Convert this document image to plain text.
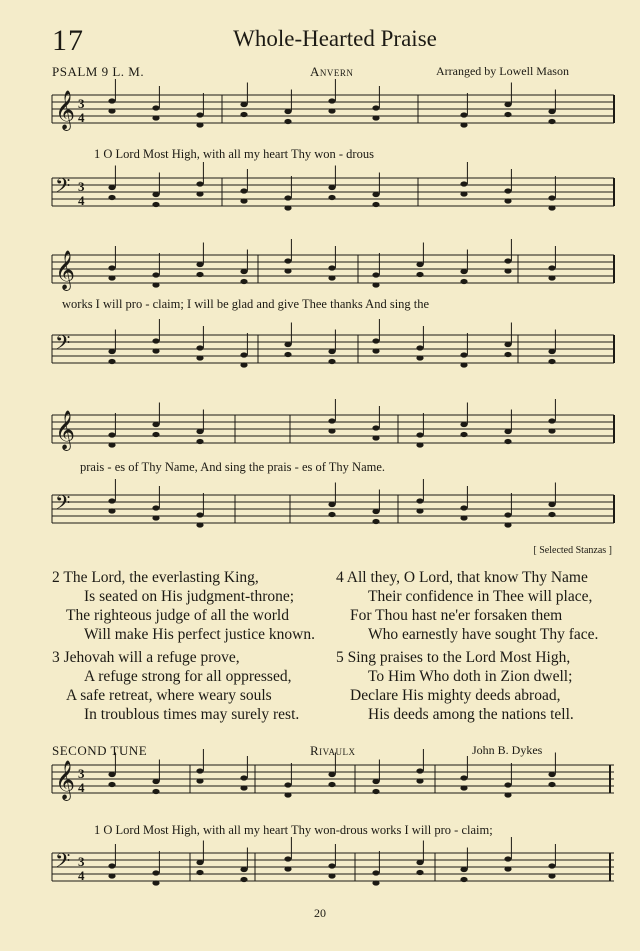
17	Whole-Hearted Praise
PSALM 9 L. M.	Anvern	Arranged by Lowell Mason
𝄞 3
4
𝄢 3
4
𝄞
𝄢
𝄞
𝄢
𝄞 3
4
𝄢 3
4
1 O Lord Most High, with all my heart Thy won - drous
works I will pro - claim; I will be glad and give Thee thanks And sing the
prais - es of Thy Name, And sing the prais - es of Thy Name.
[ Selected Stanzas ]
2 The Lord, the everlasting King,
Is seated on His judgment-throne;
The righteous judge of all the world
Will make His perfect justice known.
3 Jehovah will a refuge prove,
A refuge strong for all oppressed,
A safe retreat, where weary souls
In troublous times may surely rest.
4 All they, O Lord, that know Thy Name
Their confidence in Thee will place,
For Thou hast ne'er forsaken them
Who earnestly have sought Thy face.
5 Sing praises to the Lord Most High,
To Him Who doth in Zion dwell;
Declare His mighty deeds abroad,
His deeds among the nations tell.
SECOND TUNE	Rivaulx	John B. Dykes
1 O Lord Most High, with all my heart Thy won-drous works I will pro - claim;
20
